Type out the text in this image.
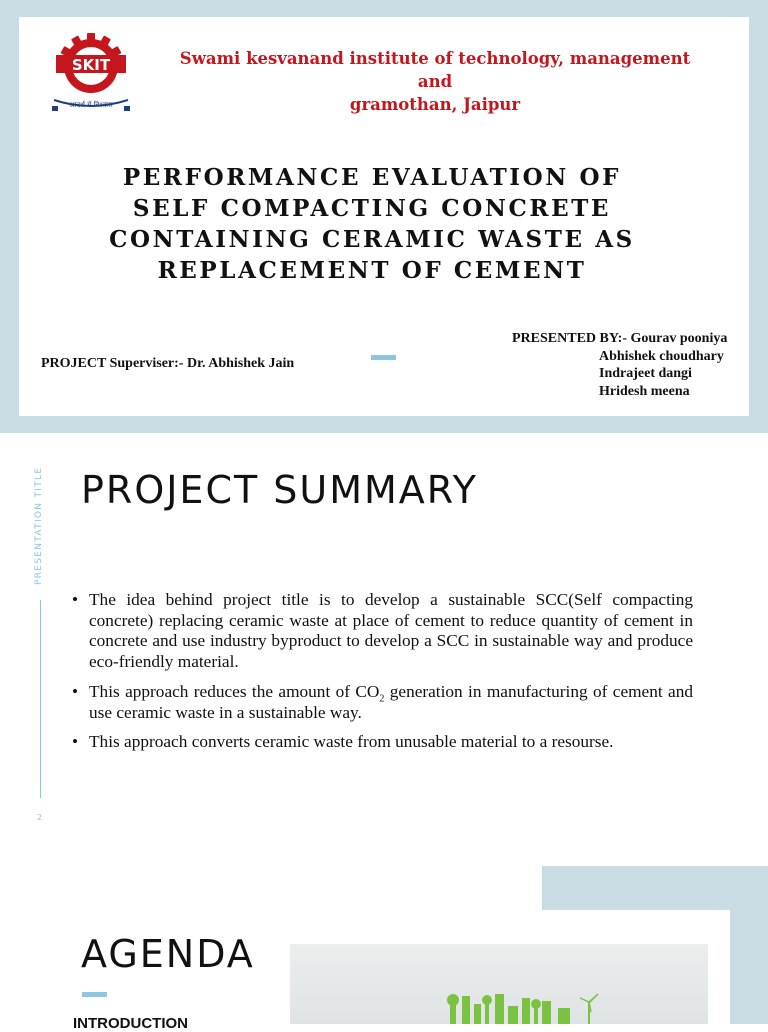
SKIT
आदर्श में विश्वास
Swami kesvanand institute of technology, management and
gramothan, Jaipur
PERFORMANCE EVALUATION OF
SELF COMPACTING CONCRETE
CONTAINING CERAMIC WASTE AS
REPLACEMENT OF CEMENT
PROJECT Superviser:- Dr. Abhishek Jain
PRESENTED BY:- Gourav pooniya
Abhishek choudhary
Indrajeet dangi
Hridesh meena
PRESENTATION TITLE
2
PROJECT SUMMARY
• The idea behind project title is to develop a sustainable SCC(Self compacting concrete) replacing ceramic waste at place of cement to reduce quantity of cement in concrete and use industry byproduct to develop a SCC in sustainable way and produce eco-friendly material.
• This approach reduces the amount of $CO_2$ generation in manufacturing of cement and use ceramic waste in a sustainable way.
• This approach converts ceramic waste from unusable material to a resourse.
AGENDA
INTRODUCTION
